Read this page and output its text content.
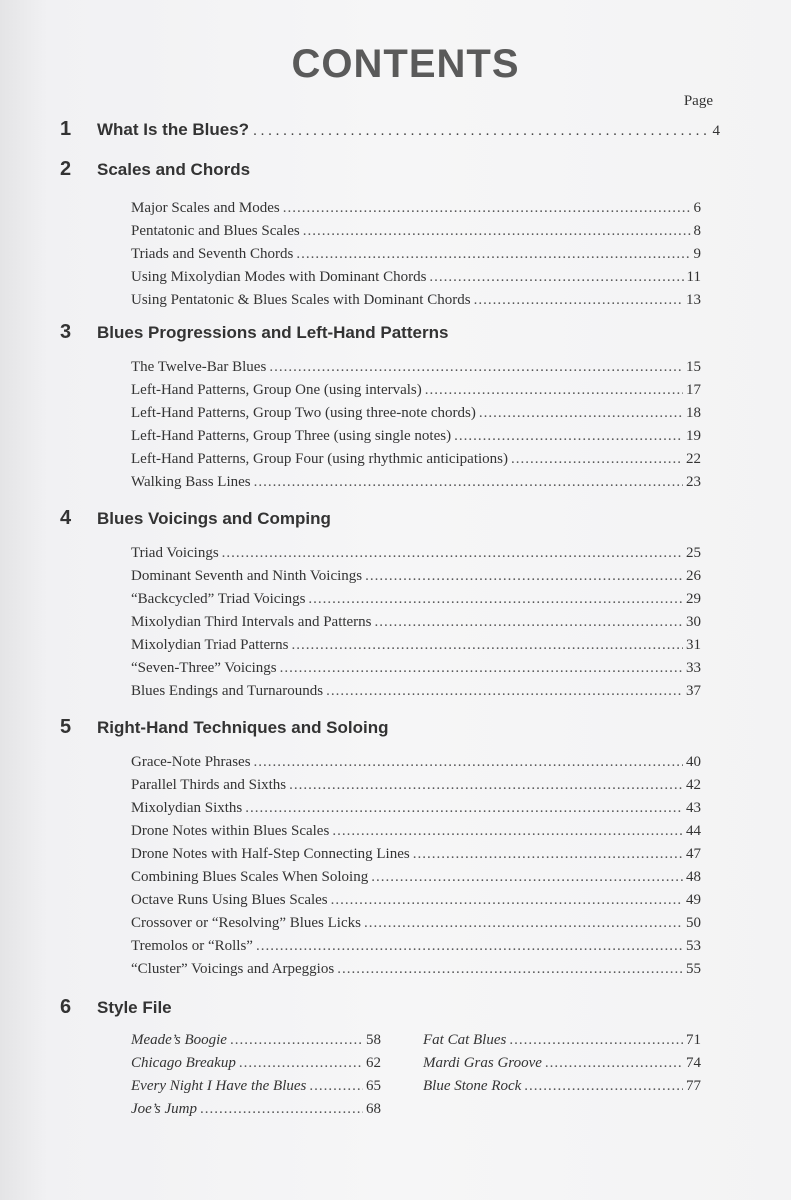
CONTENTS
Page
1	What Is the Blues? . . .	4
2	Scales and Chords
Major Scales and Modes .....	6
Pentatonic and Blues Scales .....	8
Triads and Seventh Chords .....	9
Using Mixolydian Modes with Dominant Chords .....	11
Using Pentatonic & Blues Scales with Dominant Chords .....	13
3	Blues Progressions and Left-Hand Patterns
The Twelve-Bar Blues .....	15
Left-Hand Patterns, Group One (using intervals) .....	17
Left-Hand Patterns, Group Two (using three-note chords) .....	18
Left-Hand Patterns, Group Three (using single notes) .....	19
Left-Hand Patterns, Group Four (using rhythmic anticipations) .....	22
Walking Bass Lines .....	23
4	Blues Voicings and Comping
Triad Voicings .....	25
Dominant Seventh and Ninth Voicings .....	26
“Backcycled” Triad Voicings .....	29
Mixolydian Third Intervals and Patterns .....	30
Mixolydian Triad Patterns .....	31
“Seven-Three” Voicings .....	33
Blues Endings and Turnarounds .....	37
5	Right-Hand Techniques and Soloing
Grace-Note Phrases .....	40
Parallel Thirds and Sixths .....	42
Mixolydian Sixths .....	43
Drone Notes within Blues Scales .....	44
Drone Notes with Half-Step Connecting Lines .....	47
Combining Blues Scales When Soloing .....	48
Octave Runs Using Blues Scales .....	49
Crossover or “Resolving” Blues Licks .....	50
Tremolos or “Rolls” .....	53
“Cluster” Voicings and Arpeggios .....	55
6	Style File
Meade’s Boogie .....	58
Chicago Breakup .....	62
Every Night I Have the Blues .....	65
Joe’s Jump .....	68
Fat Cat Blues .....	71
Mardi Gras Groove .....	74
Blue Stone Rock .....	77
